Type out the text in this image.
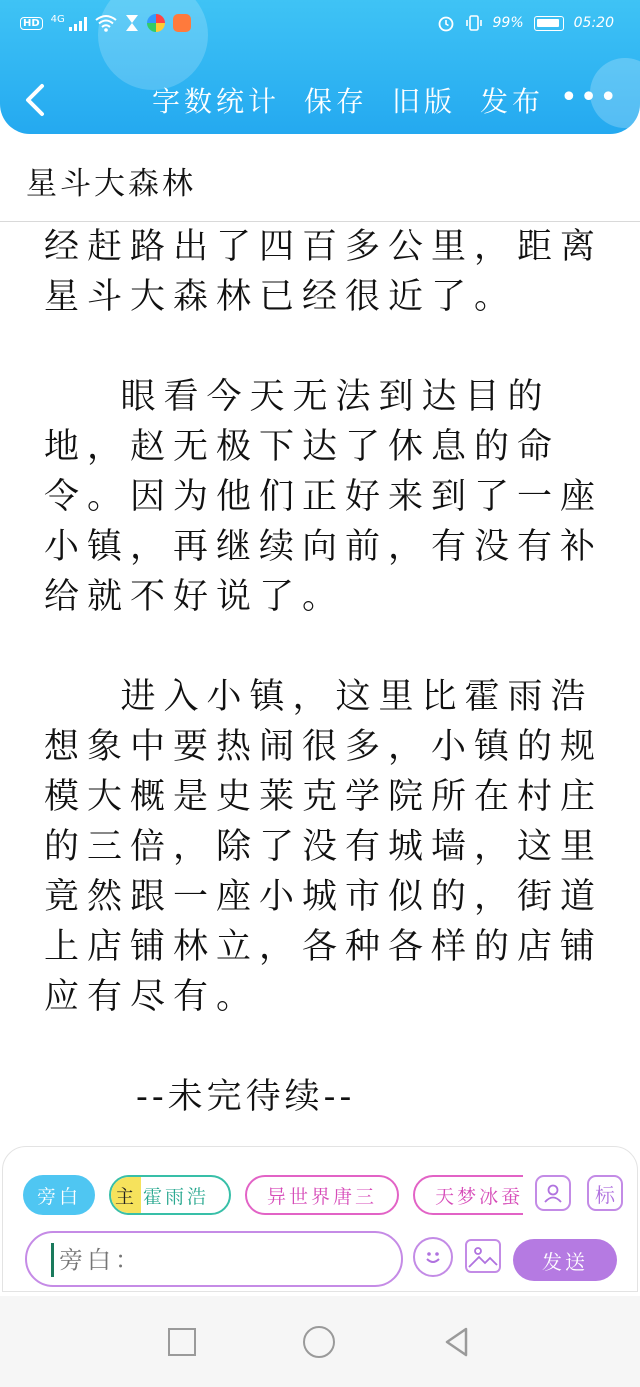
HD	4G	99%	05:20
字数统计 保存 旧版 发布 •••
星斗大森林
经赶路出了四百多公里，距离
星斗大森林已经很近了。
眼看今天无法到达目的
地，赵无极下达了休息的命
令。因为他们正好来到了一座
小镇，再继续向前，有没有补
给就不好说了。
进入小镇，这里比霍雨浩
想象中要热闹很多，小镇的规
模大概是史莱克学院所在村庄
的三倍，除了没有城墙，这里
竟然跟一座小城市似的，街道
上店铺林立，各种各样的店铺
应有尽有。
--未完待续--
旁白	主 霍雨浩	异世界唐三	天梦冰蚕	标
旁白：
发送
